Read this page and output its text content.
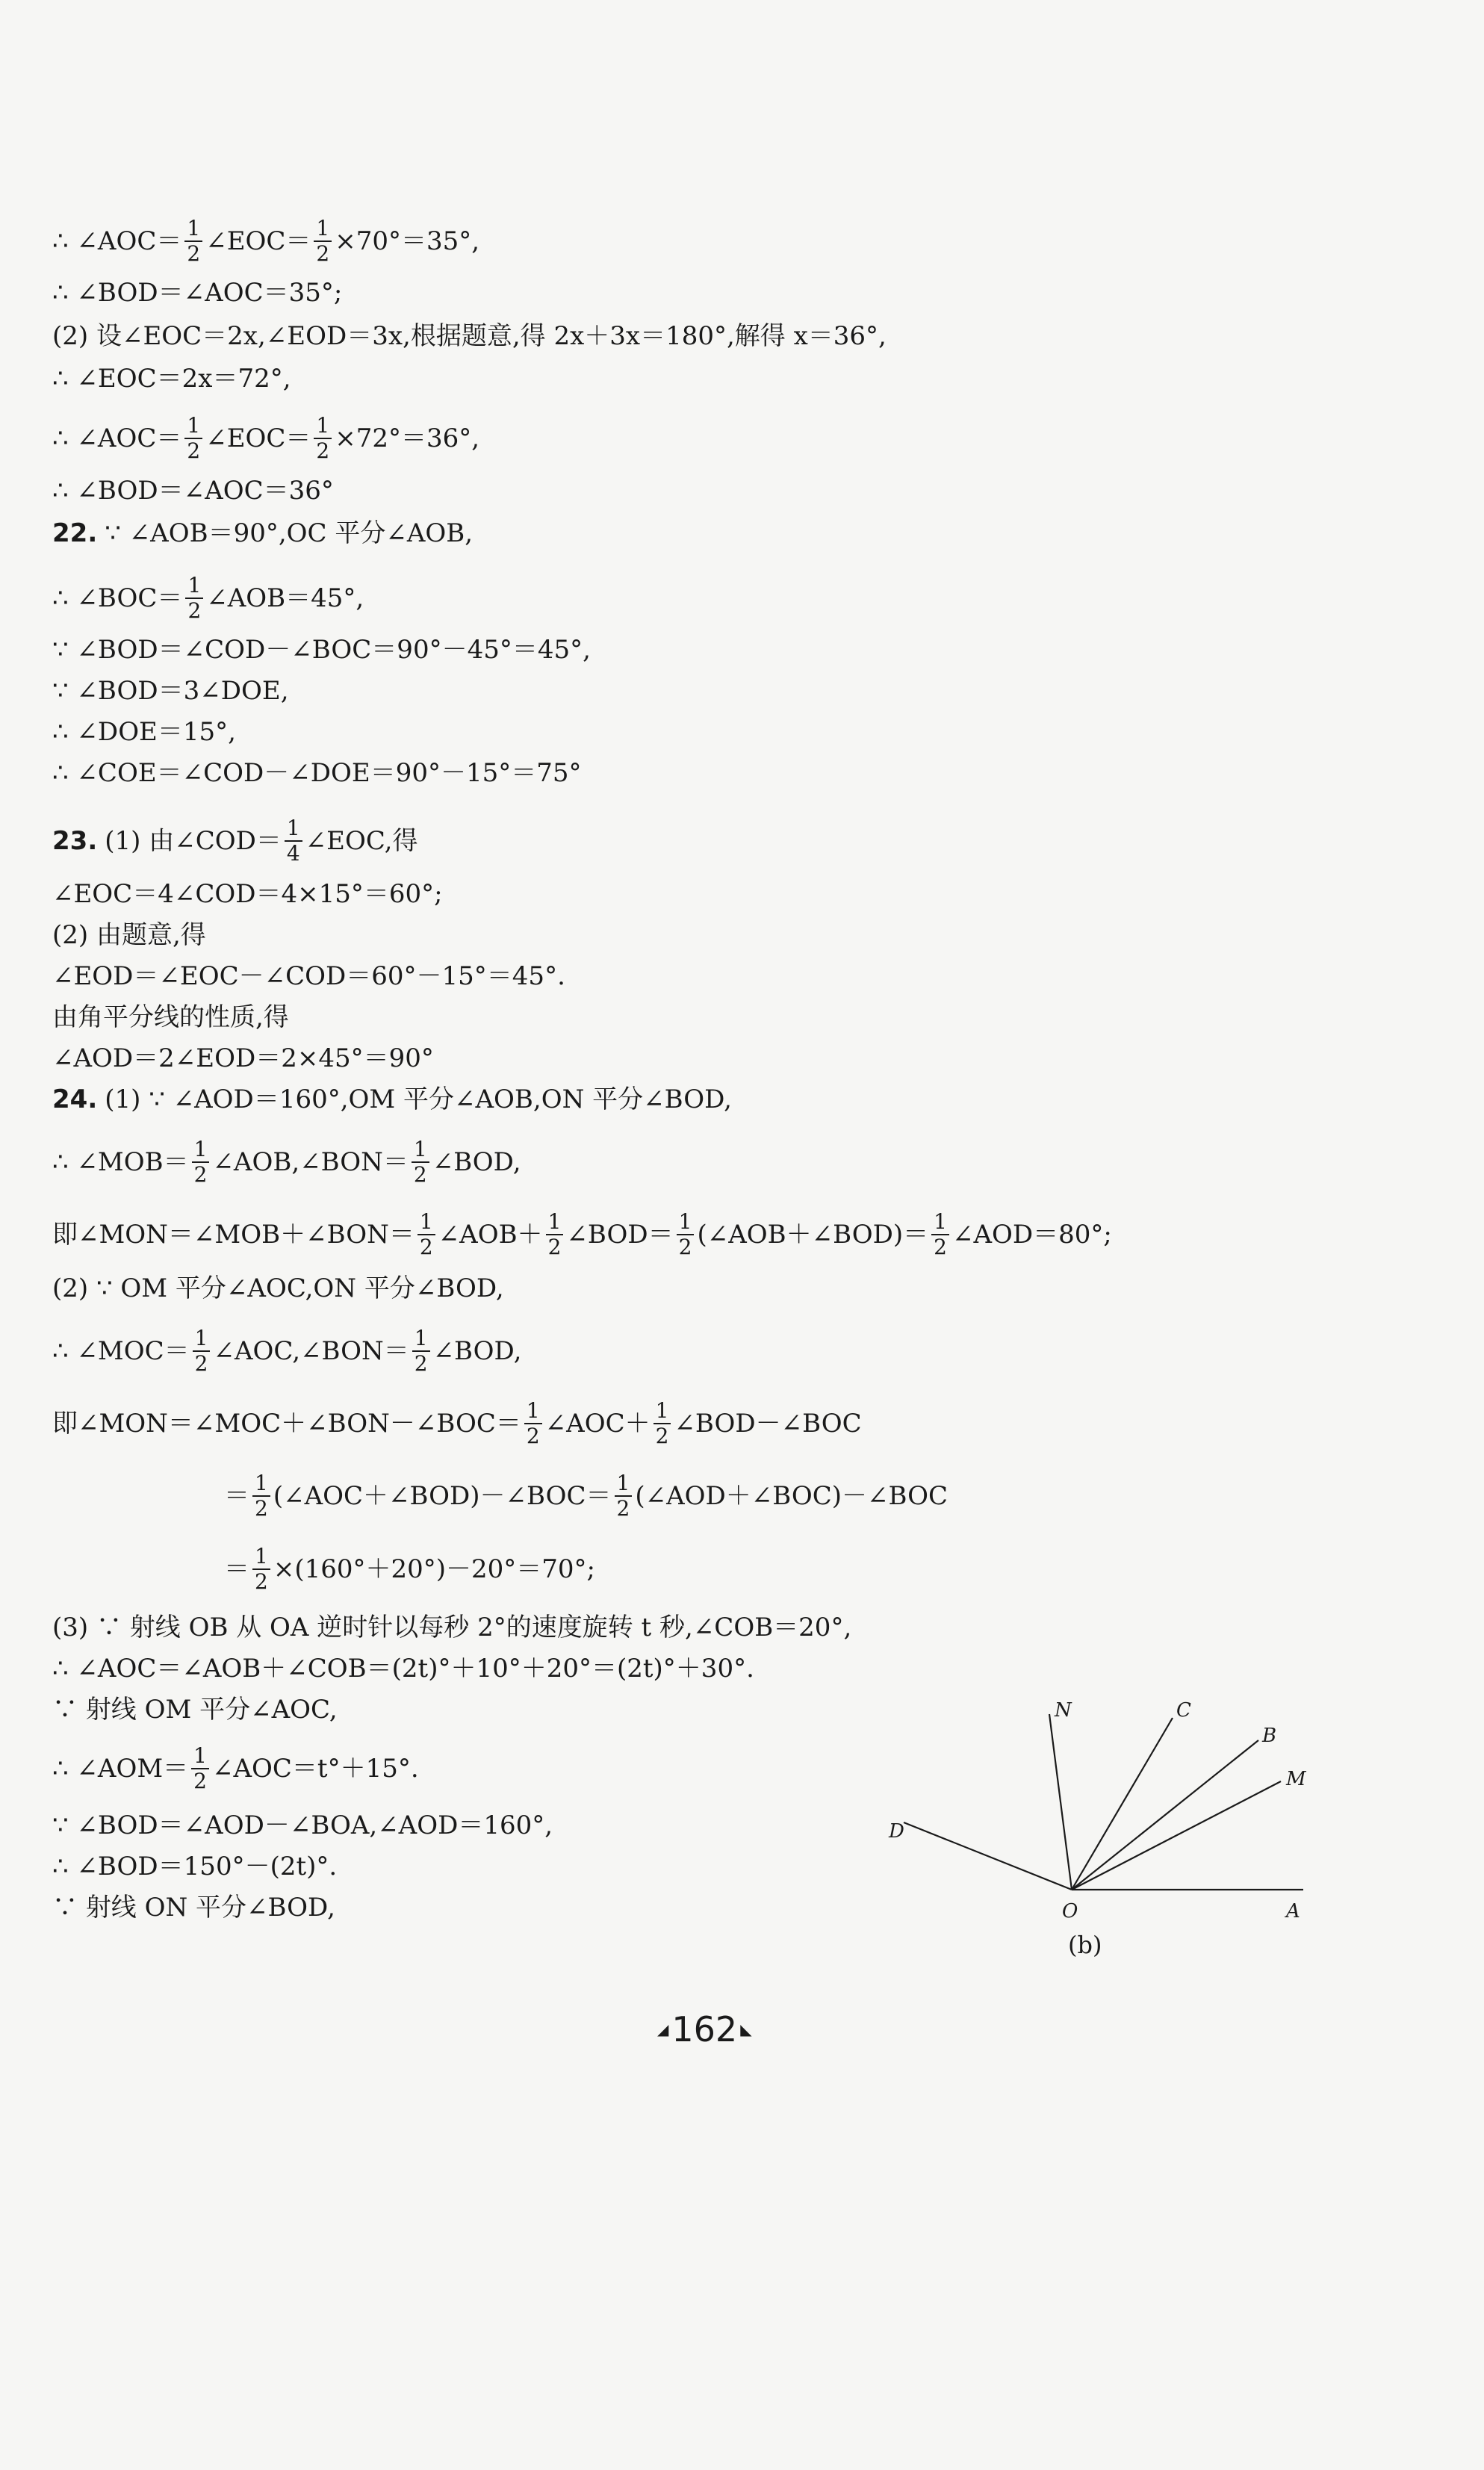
∴ ∠BOD＝∠AOC＝35°;
(2) 设∠EOC＝2x,∠EOD＝3x,根据题意,得 2x＋3x＝180°,解得 x＝36°,
∴ ∠EOC＝2x＝72°,
∴ ∠BOD＝∠AOC＝36°
22. ∵ ∠AOB＝90°,OC 平分∠AOB,
∵ ∠BOD＝∠COD－∠BOC＝90°－45°＝45°,
∵ ∠BOD＝3∠DOE,
∴ ∠DOE＝15°,
∴ ∠COE＝∠COD－∠DOE＝90°－15°＝75°
∠EOC＝4∠COD＝4×15°＝60°;
(2) 由题意,得
∠EOD＝∠EOC－∠COD＝60°－15°＝45°.
由角平分线的性质,得
∠AOD＝2∠EOD＝2×45°＝90°
24. (1) ∵ ∠AOD＝160°,OM 平分∠AOB,ON 平分∠BOD,
(2) ∵ OM 平分∠AOC,ON 平分∠BOD,
(3) ∵ 射线 OB 从 OA 逆时针以每秒 2°的速度旋转 t 秒,∠COB＝20°,
∴ ∠AOC＝∠AOB＋∠COB＝(2t)°＋10°＋20°＝(2t)°＋30°.
∵ 射线 OM 平分∠AOC,
∵ ∠BOD＝∠AOD－∠BOA,∠AOD＝160°,
∴ ∠BOD＝150°－(2t)°.
∵ 射线 ON 平分∠BOD,
∴ ∠AOC＝ $\frac{1}{2}$ ∠EOC＝ $\frac{1}{2} \times 70^\circ=35^\circ$,
∴ ∠AOC＝ $\frac{1}{2}$ ∠EOC＝ $\frac{1}{2} \times 72^\circ=36^\circ$,
∴ ∠BOC＝ $\frac{1}{2}$ ∠AOB＝45°,
23. (1) 由∠COD＝ $\frac{1}{4}$ ∠EOC,得
∴ ∠MOB＝ $\frac{1}{2}$ ∠AOB,∠BON＝ $\frac{1}{2}$ ∠BOD,
即∠MON＝∠MOB＋∠BON＝ $\frac{1}{2}$ ∠AOB＋ $\frac{1}{2}$ ∠BOD＝ $\frac{1}{2}$ (∠AOB＋∠BOD)＝ $\frac{1}{2}$ ∠AOD＝80°;
∴ ∠MOC＝ $\frac{1}{2}$ ∠AOC,∠BON＝ $\frac{1}{2}$ ∠BOD,
即∠MON＝∠MOC＋∠BON－∠BOC＝ $\frac{1}{2}$ ∠AOC＋ $\frac{1}{2}$ ∠BOD－∠BOC
＝ $\frac{1}{2}$ (∠AOC＋∠BOD)－∠BOC＝ $\frac{1}{2}$ (∠AOD＋∠BOC)－∠BOC
＝ $\frac{1}{2} \times(160^\circ+20^\circ)-20^\circ=70^\circ$;
∴ ∠AOM＝ $\frac{1}{2}$ ∠AOC＝t°＋15°.
N	C
B
M
D
O	A
(b)
◢ 162 ◣
